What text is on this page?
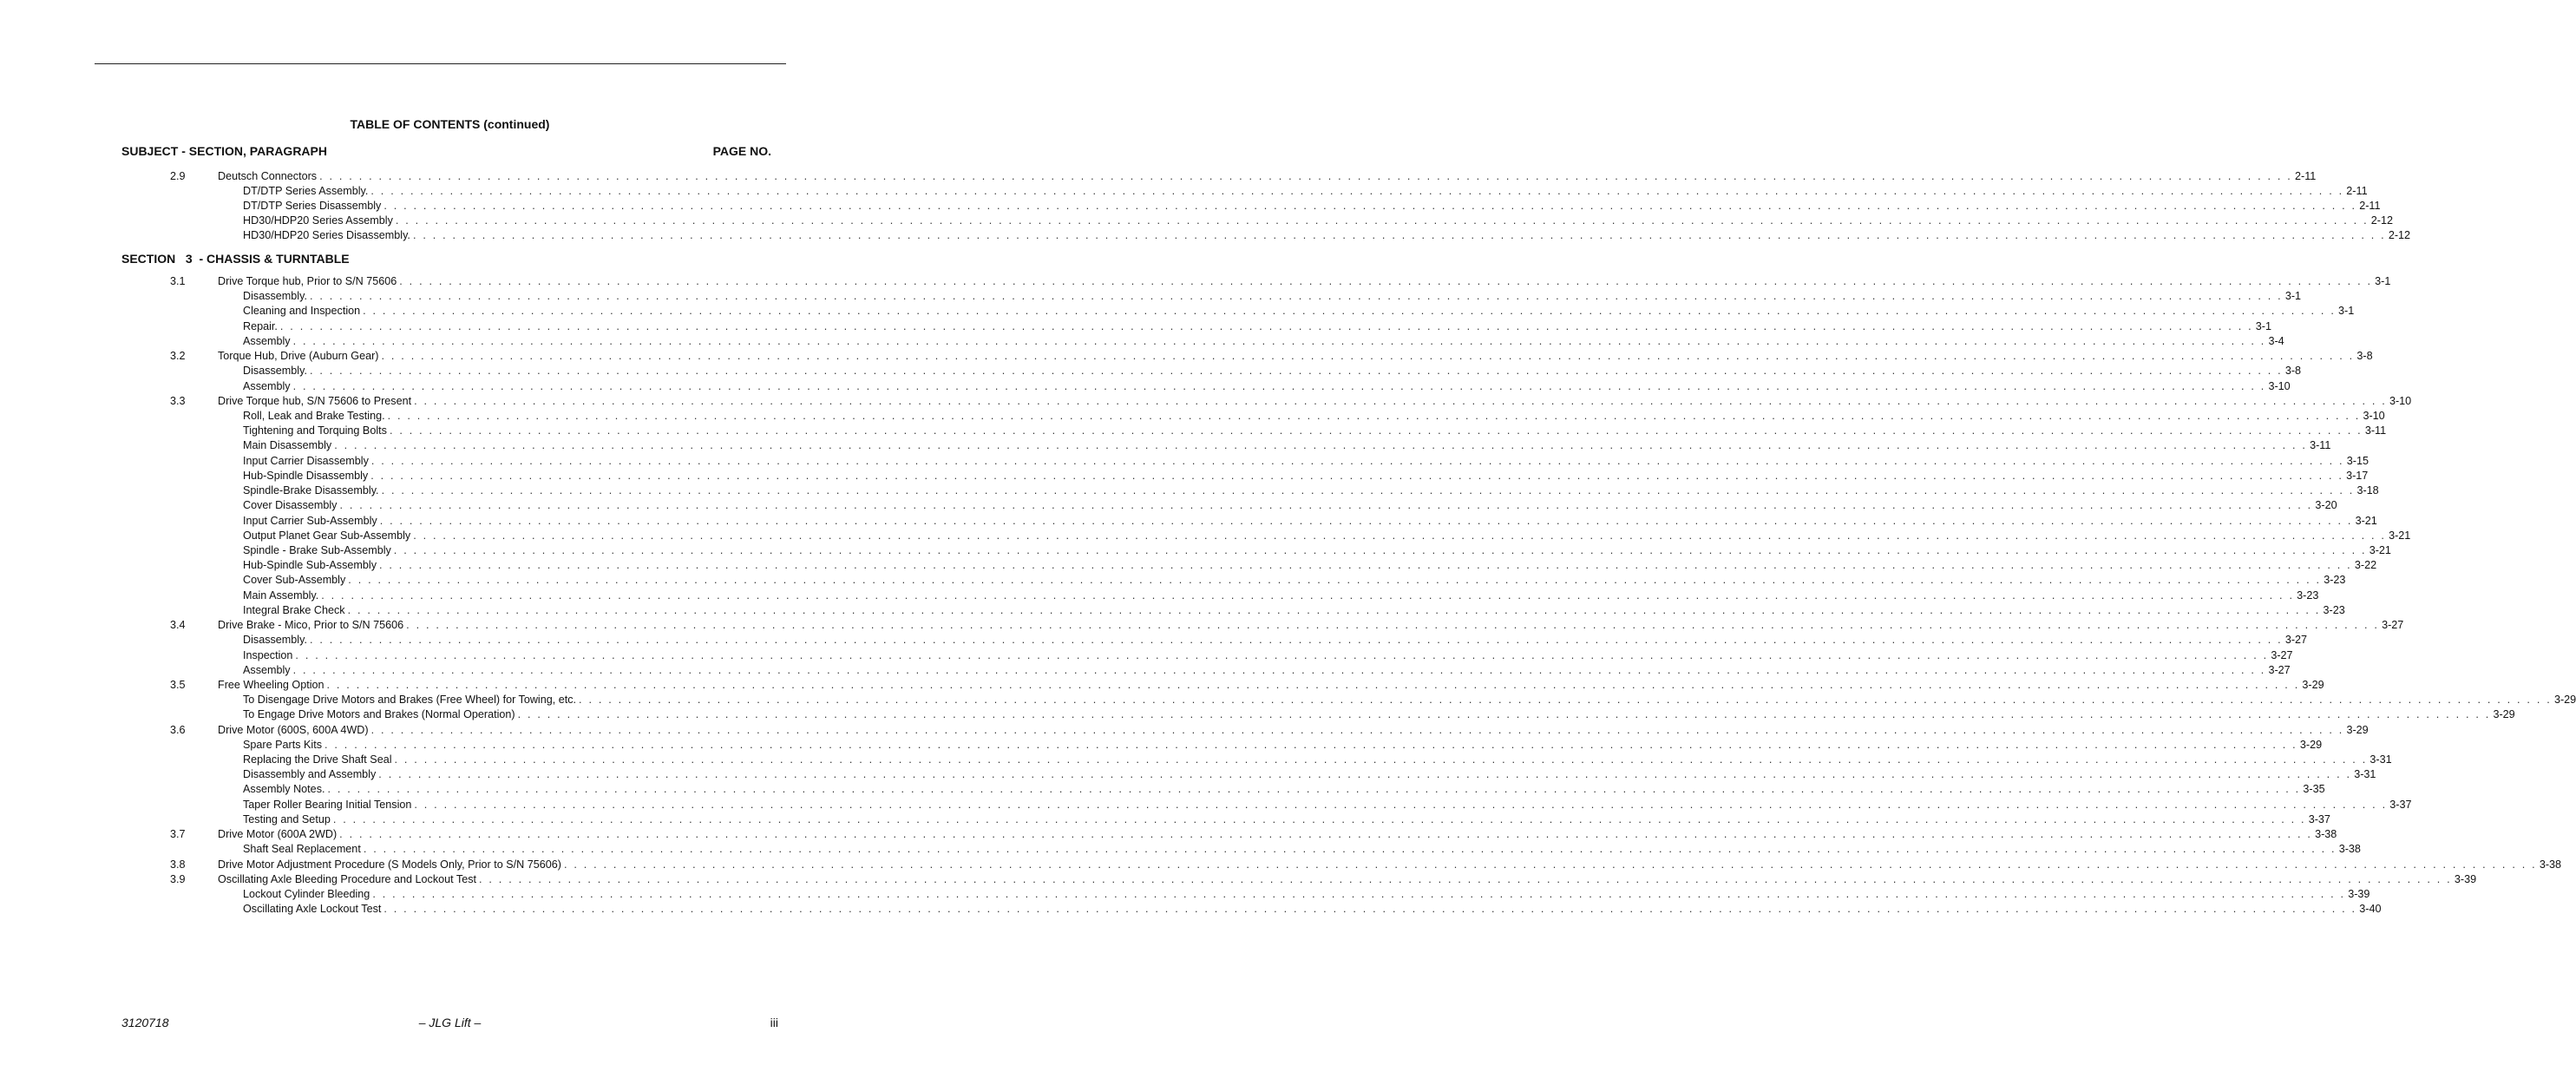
TABLE OF CONTENTS (continued)
SUBJECT - SECTION, PARAGRAPH	PAGE NO.
SECTION   3  - CHASSIS & TURNTABLE
2.9	Deutsch Connectors . . . . . . . . . . . . . . . . . . . . . . . . . . . . . . . . . . . . . . . . . . . . . . . . . . . . . . . . . . . . . . . . . . . . . . . . . . . . . . . . . . . . . . . . . . . . . . . . . . . . . . . . . . . . . . . . . . . . . . . . . . . . . . . . . . . . . . . . . . . . . . . . . . . . . . . . . . . . . . . . . . . . . . . . . . . . . . . . . . . . . . . . . . . . . . . . . . . . . . . . 2-11
DT/DTP Series Assembly. . . . . . . . . . . . . . . . . . . . . . . . . . . . . . . . . . . . . . . . . . . . . . . . . . . . . . . . . . . . . . . . . . . . . . . . . . . . . . . . . . . . . . . . . . . . . . . . . . . . . . . . . . . . . . . . . . . . . . . . . . . . . . . . . . . . . . . . . . . . . . . . . . . . . . . . . . . . . . . . . . . . . . . . . . . . . . . . . . . . . . . . . . . . . . . . . . . . . . . . . 2-11
DT/DTP Series Disassembly . . . . . . . . . . . . . . . . . . . . . . . . . . . . . . . . . . . . . . . . . . . . . . . . . . . . . . . . . . . . . . . . . . . . . . . . . . . . . . . . . . . . . . . . . . . . . . . . . . . . . . . . . . . . . . . . . . . . . . . . . . . . . . . . . . . . . . . . . . . . . . . . . . . . . . . . . . . . . . . . . . . . . . . . . . . . . . . . . . . . . . . . . . . . . . . . . . . . . . . . 2-11
HD30/HDP20 Series Assembly . . . . . . . . . . . . . . . . . . . . . . . . . . . . . . . . . . . . . . . . . . . . . . . . . . . . . . . . . . . . . . . . . . . . . . . . . . . . . . . . . . . . . . . . . . . . . . . . . . . . . . . . . . . . . . . . . . . . . . . . . . . . . . . . . . . . . . . . . . . . . . . . . . . . . . . . . . . . . . . . . . . . . . . . . . . . . . . . . . . . . . . . . . . . . . . . . . . . . . . . 2-12
HD30/HDP20 Series Disassembly. . . . . . . . . . . . . . . . . . . . . . . . . . . . . . . . . . . . . . . . . . . . . . . . . . . . . . . . . . . . . . . . . . . . . . . . . . . . . . . . . . . . . . . . . . . . . . . . . . . . . . . . . . . . . . . . . . . . . . . . . . . . . . . . . . . . . . . . . . . . . . . . . . . . . . . . . . . . . . . . . . . . . . . . . . . . . . . . . . . . . . . . . . . . . . . . . . . . . . . . . 2-12
3.1	Drive Torque hub, Prior to S/N 75606 . . . . . . . . . . . . . . . . . . . . . . . . . . . . . . . . . . . . . . . . . . . . . . . . . . . . . . . . . . . . . . . . . . . . . . . . . . . . . . . . . . . . . . . . . . . . . . . . . . . . . . . . . . . . . . . . . . . . . . . . . . . . . . . . . . . . . . . . . . . . . . . . . . . . . . . . . . . . . . . . . . . . . . . . . . . . . . . . . . . . . . . . . . . . . . . . . . . . . . . . 3-1
Disassembly. . . . . . . . . . . . . . . . . . . . . . . . . . . . . . . . . . . . . . . . . . . . . . . . . . . . . . . . . . . . . . . . . . . . . . . . . . . . . . . . . . . . . . . . . . . . . . . . . . . . . . . . . . . . . . . . . . . . . . . . . . . . . . . . . . . . . . . . . . . . . . . . . . . . . . . . . . . . . . . . . . . . . . . . . . . . . . . . . . . . . . . . . . . . . . . . . . . . . . . . . 3-1
Cleaning and Inspection . . . . . . . . . . . . . . . . . . . . . . . . . . . . . . . . . . . . . . . . . . . . . . . . . . . . . . . . . . . . . . . . . . . . . . . . . . . . . . . . . . . . . . . . . . . . . . . . . . . . . . . . . . . . . . . . . . . . . . . . . . . . . . . . . . . . . . . . . . . . . . . . . . . . . . . . . . . . . . . . . . . . . . . . . . . . . . . . . . . . . . . . . . . . . . . . . . . . . . . . 3-1
Repair. . . . . . . . . . . . . . . . . . . . . . . . . . . . . . . . . . . . . . . . . . . . . . . . . . . . . . . . . . . . . . . . . . . . . . . . . . . . . . . . . . . . . . . . . . . . . . . . . . . . . . . . . . . . . . . . . . . . . . . . . . . . . . . . . . . . . . . . . . . . . . . . . . . . . . . . . . . . . . . . . . . . . . . . . . . . . . . . . . . . . . . . . . . . . . . . . . . . . . . . . 3-1
Assembly . . . . . . . . . . . . . . . . . . . . . . . . . . . . . . . . . . . . . . . . . . . . . . . . . . . . . . . . . . . . . . . . . . . . . . . . . . . . . . . . . . . . . . . . . . . . . . . . . . . . . . . . . . . . . . . . . . . . . . . . . . . . . . . . . . . . . . . . . . . . . . . . . . . . . . . . . . . . . . . . . . . . . . . . . . . . . . . . . . . . . . . . . . . . . . . . . . . . . . . . 3-4
3.2	Torque Hub, Drive (Auburn Gear) . . . . . . . . . . . . . . . . . . . . . . . . . . . . . . . . . . . . . . . . . . . . . . . . . . . . . . . . . . . . . . . . . . . . . . . . . . . . . . . . . . . . . . . . . . . . . . . . . . . . . . . . . . . . . . . . . . . . . . . . . . . . . . . . . . . . . . . . . . . . . . . . . . . . . . . . . . . . . . . . . . . . . . . . . . . . . . . . . . . . . . . . . . . . . . . . . . . . . . . . 3-8
Disassembly. . . . . . . . . . . . . . . . . . . . . . . . . . . . . . . . . . . . . . . . . . . . . . . . . . . . . . . . . . . . . . . . . . . . . . . . . . . . . . . . . . . . . . . . . . . . . . . . . . . . . . . . . . . . . . . . . . . . . . . . . . . . . . . . . . . . . . . . . . . . . . . . . . . . . . . . . . . . . . . . . . . . . . . . . . . . . . . . . . . . . . . . . . . . . . . . . . . . . . . . . 3-8
Assembly . . . . . . . . . . . . . . . . . . . . . . . . . . . . . . . . . . . . . . . . . . . . . . . . . . . . . . . . . . . . . . . . . . . . . . . . . . . . . . . . . . . . . . . . . . . . . . . . . . . . . . . . . . . . . . . . . . . . . . . . . . . . . . . . . . . . . . . . . . . . . . . . . . . . . . . . . . . . . . . . . . . . . . . . . . . . . . . . . . . . . . . . . . . . . . . . . . . . . . . . 3-10
3.3	Drive Torque hub, S/N 75606 to Present . . . . . . . . . . . . . . . . . . . . . . . . . . . . . . . . . . . . . . . . . . . . . . . . . . . . . . . . . . . . . . . . . . . . . . . . . . . . . . . . . . . . . . . . . . . . . . . . . . . . . . . . . . . . . . . . . . . . . . . . . . . . . . . . . . . . . . . . . . . . . . . . . . . . . . . . . . . . . . . . . . . . . . . . . . . . . . . . . . . . . . . . . . . . . . . . . . . . . . . . 3-10
Roll, Leak and Brake Testing. . . . . . . . . . . . . . . . . . . . . . . . . . . . . . . . . . . . . . . . . . . . . . . . . . . . . . . . . . . . . . . . . . . . . . . . . . . . . . . . . . . . . . . . . . . . . . . . . . . . . . . . . . . . . . . . . . . . . . . . . . . . . . . . . . . . . . . . . . . . . . . . . . . . . . . . . . . . . . . . . . . . . . . . . . . . . . . . . . . . . . . . . . . . . . . . . . . . . . . . . 3-10
Tightening and Torquing Bolts . . . . . . . . . . . . . . . . . . . . . . . . . . . . . . . . . . . . . . . . . . . . . . . . . . . . . . . . . . . . . . . . . . . . . . . . . . . . . . . . . . . . . . . . . . . . . . . . . . . . . . . . . . . . . . . . . . . . . . . . . . . . . . . . . . . . . . . . . . . . . . . . . . . . . . . . . . . . . . . . . . . . . . . . . . . . . . . . . . . . . . . . . . . . . . . . . . . . . . . . 3-11
Main Disassembly . . . . . . . . . . . . . . . . . . . . . . . . . . . . . . . . . . . . . . . . . . . . . . . . . . . . . . . . . . . . . . . . . . . . . . . . . . . . . . . . . . . . . . . . . . . . . . . . . . . . . . . . . . . . . . . . . . . . . . . . . . . . . . . . . . . . . . . . . . . . . . . . . . . . . . . . . . . . . . . . . . . . . . . . . . . . . . . . . . . . . . . . . . . . . . . . . . . . . . . . 3-11
Input Carrier Disassembly . . . . . . . . . . . . . . . . . . . . . . . . . . . . . . . . . . . . . . . . . . . . . . . . . . . . . . . . . . . . . . . . . . . . . . . . . . . . . . . . . . . . . . . . . . . . . . . . . . . . . . . . . . . . . . . . . . . . . . . . . . . . . . . . . . . . . . . . . . . . . . . . . . . . . . . . . . . . . . . . . . . . . . . . . . . . . . . . . . . . . . . . . . . . . . . . . . . . . . . . 3-15
Hub-Spindle Disassembly . . . . . . . . . . . . . . . . . . . . . . . . . . . . . . . . . . . . . . . . . . . . . . . . . . . . . . . . . . . . . . . . . . . . . . . . . . . . . . . . . . . . . . . . . . . . . . . . . . . . . . . . . . . . . . . . . . . . . . . . . . . . . . . . . . . . . . . . . . . . . . . . . . . . . . . . . . . . . . . . . . . . . . . . . . . . . . . . . . . . . . . . . . . . . . . . . . . . . . . . 3-17
Spindle-Brake Disassembly. . . . . . . . . . . . . . . . . . . . . . . . . . . . . . . . . . . . . . . . . . . . . . . . . . . . . . . . . . . . . . . . . . . . . . . . . . . . . . . . . . . . . . . . . . . . . . . . . . . . . . . . . . . . . . . . . . . . . . . . . . . . . . . . . . . . . . . . . . . . . . . . . . . . . . . . . . . . . . . . . . . . . . . . . . . . . . . . . . . . . . . . . . . . . . . . . . . . . . . . . 3-18
Cover Disassembly . . . . . . . . . . . . . . . . . . . . . . . . . . . . . . . . . . . . . . . . . . . . . . . . . . . . . . . . . . . . . . . . . . . . . . . . . . . . . . . . . . . . . . . . . . . . . . . . . . . . . . . . . . . . . . . . . . . . . . . . . . . . . . . . . . . . . . . . . . . . . . . . . . . . . . . . . . . . . . . . . . . . . . . . . . . . . . . . . . . . . . . . . . . . . . . . . . . . . . . . 3-20
Input Carrier Sub-Assembly . . . . . . . . . . . . . . . . . . . . . . . . . . . . . . . . . . . . . . . . . . . . . . . . . . . . . . . . . . . . . . . . . . . . . . . . . . . . . . . . . . . . . . . . . . . . . . . . . . . . . . . . . . . . . . . . . . . . . . . . . . . . . . . . . . . . . . . . . . . . . . . . . . . . . . . . . . . . . . . . . . . . . . . . . . . . . . . . . . . . . . . . . . . . . . . . . . . . . . . . 3-21
Output Planet Gear Sub-Assembly . . . . . . . . . . . . . . . . . . . . . . . . . . . . . . . . . . . . . . . . . . . . . . . . . . . . . . . . . . . . . . . . . . . . . . . . . . . . . . . . . . . . . . . . . . . . . . . . . . . . . . . . . . . . . . . . . . . . . . . . . . . . . . . . . . . . . . . . . . . . . . . . . . . . . . . . . . . . . . . . . . . . . . . . . . . . . . . . . . . . . . . . . . . . . . . . . . . . . . . . 3-21
Spindle - Brake Sub-Assembly . . . . . . . . . . . . . . . . . . . . . . . . . . . . . . . . . . . . . . . . . . . . . . . . . . . . . . . . . . . . . . . . . . . . . . . . . . . . . . . . . . . . . . . . . . . . . . . . . . . . . . . . . . . . . . . . . . . . . . . . . . . . . . . . . . . . . . . . . . . . . . . . . . . . . . . . . . . . . . . . . . . . . . . . . . . . . . . . . . . . . . . . . . . . . . . . . . . . . . . . 3-21
Hub-Spindle Sub-Assembly . . . . . . . . . . . . . . . . . . . . . . . . . . . . . . . . . . . . . . . . . . . . . . . . . . . . . . . . . . . . . . . . . . . . . . . . . . . . . . . . . . . . . . . . . . . . . . . . . . . . . . . . . . . . . . . . . . . . . . . . . . . . . . . . . . . . . . . . . . . . . . . . . . . . . . . . . . . . . . . . . . . . . . . . . . . . . . . . . . . . . . . . . . . . . . . . . . . . . . . . 3-22
Cover Sub-Assembly . . . . . . . . . . . . . . . . . . . . . . . . . . . . . . . . . . . . . . . . . . . . . . . . . . . . . . . . . . . . . . . . . . . . . . . . . . . . . . . . . . . . . . . . . . . . . . . . . . . . . . . . . . . . . . . . . . . . . . . . . . . . . . . . . . . . . . . . . . . . . . . . . . . . . . . . . . . . . . . . . . . . . . . . . . . . . . . . . . . . . . . . . . . . . . . . . . . . . . . . 3-23
Main Assembly. . . . . . . . . . . . . . . . . . . . . . . . . . . . . . . . . . . . . . . . . . . . . . . . . . . . . . . . . . . . . . . . . . . . . . . . . . . . . . . . . . . . . . . . . . . . . . . . . . . . . . . . . . . . . . . . . . . . . . . . . . . . . . . . . . . . . . . . . . . . . . . . . . . . . . . . . . . . . . . . . . . . . . . . . . . . . . . . . . . . . . . . . . . . . . . . . . . . . . . . . 3-23
Integral Brake Check . . . . . . . . . . . . . . . . . . . . . . . . . . . . . . . . . . . . . . . . . . . . . . . . . . . . . . . . . . . . . . . . . . . . . . . . . . . . . . . . . . . . . . . . . . . . . . . . . . . . . . . . . . . . . . . . . . . . . . . . . . . . . . . . . . . . . . . . . . . . . . . . . . . . . . . . . . . . . . . . . . . . . . . . . . . . . . . . . . . . . . . . . . . . . . . . . . . . . . . . 3-23
3.4	Drive Brake - Mico, Prior to S/N 75606 . . . . . . . . . . . . . . . . . . . . . . . . . . . . . . . . . . . . . . . . . . . . . . . . . . . . . . . . . . . . . . . . . . . . . . . . . . . . . . . . . . . . . . . . . . . . . . . . . . . . . . . . . . . . . . . . . . . . . . . . . . . . . . . . . . . . . . . . . . . . . . . . . . . . . . . . . . . . . . . . . . . . . . . . . . . . . . . . . . . . . . . . . . . . . . . . . . . . . . . . 3-27
Disassembly. . . . . . . . . . . . . . . . . . . . . . . . . . . . . . . . . . . . . . . . . . . . . . . . . . . . . . . . . . . . . . . . . . . . . . . . . . . . . . . . . . . . . . . . . . . . . . . . . . . . . . . . . . . . . . . . . . . . . . . . . . . . . . . . . . . . . . . . . . . . . . . . . . . . . . . . . . . . . . . . . . . . . . . . . . . . . . . . . . . . . . . . . . . . . . . . . . . . . . . . . 3-27
Inspection . . . . . . . . . . . . . . . . . . . . . . . . . . . . . . . . . . . . . . . . . . . . . . . . . . . . . . . . . . . . . . . . . . . . . . . . . . . . . . . . . . . . . . . . . . . . . . . . . . . . . . . . . . . . . . . . . . . . . . . . . . . . . . . . . . . . . . . . . . . . . . . . . . . . . . . . . . . . . . . . . . . . . . . . . . . . . . . . . . . . . . . . . . . . . . . . . . . . . . . . 3-27
Assembly . . . . . . . . . . . . . . . . . . . . . . . . . . . . . . . . . . . . . . . . . . . . . . . . . . . . . . . . . . . . . . . . . . . . . . . . . . . . . . . . . . . . . . . . . . . . . . . . . . . . . . . . . . . . . . . . . . . . . . . . . . . . . . . . . . . . . . . . . . . . . . . . . . . . . . . . . . . . . . . . . . . . . . . . . . . . . . . . . . . . . . . . . . . . . . . . . . . . . . . . 3-27
3.5	Free Wheeling Option . . . . . . . . . . . . . . . . . . . . . . . . . . . . . . . . . . . . . . . . . . . . . . . . . . . . . . . . . . . . . . . . . . . . . . . . . . . . . . . . . . . . . . . . . . . . . . . . . . . . . . . . . . . . . . . . . . . . . . . . . . . . . . . . . . . . . . . . . . . . . . . . . . . . . . . . . . . . . . . . . . . . . . . . . . . . . . . . . . . . . . . . . . . . . . . . . . . . . . . . 3-29
To Disengage Drive Motors and Brakes (Free Wheel) for Towing, etc. . . . . . . . . . . . . . . . . . . . . . . . . . . . . . . . . . . . . . . . . . . . . . . . . . . . . . . . . . . . . . . . . . . . . . . . . . . . . . . . . . . . . . . . . . . . . . . . . . . . . . . . . . . . . . . . . . . . . . . . . . . . . . . . . . . . . . . . . . . . . . . . . . . . . . . . . . . . . . . . . . . . . . . . . . . . . . . . . . . . . . . . . . . . . . . . . . . . . . . . . 3-29
To Engage Drive Motors and Brakes (Normal Operation) . . . . . . . . . . . . . . . . . . . . . . . . . . . . . . . . . . . . . . . . . . . . . . . . . . . . . . . . . . . . . . . . . . . . . . . . . . . . . . . . . . . . . . . . . . . . . . . . . . . . . . . . . . . . . . . . . . . . . . . . . . . . . . . . . . . . . . . . . . . . . . . . . . . . . . . . . . . . . . . . . . . . . . . . . . . . . . . . . . . . . . . . . . . . . . . . . . . . . . . . 3-29
3.6	Drive Motor (600S, 600A 4WD) . . . . . . . . . . . . . . . . . . . . . . . . . . . . . . . . . . . . . . . . . . . . . . . . . . . . . . . . . . . . . . . . . . . . . . . . . . . . . . . . . . . . . . . . . . . . . . . . . . . . . . . . . . . . . . . . . . . . . . . . . . . . . . . . . . . . . . . . . . . . . . . . . . . . . . . . . . . . . . . . . . . . . . . . . . . . . . . . . . . . . . . . . . . . . . . . . . . . . . . . 3-29
Spare Parts Kits . . . . . . . . . . . . . . . . . . . . . . . . . . . . . . . . . . . . . . . . . . . . . . . . . . . . . . . . . . . . . . . . . . . . . . . . . . . . . . . . . . . . . . . . . . . . . . . . . . . . . . . . . . . . . . . . . . . . . . . . . . . . . . . . . . . . . . . . . . . . . . . . . . . . . . . . . . . . . . . . . . . . . . . . . . . . . . . . . . . . . . . . . . . . . . . . . . . . . . . . 3-29
Replacing the Drive Shaft Seal . . . . . . . . . . . . . . . . . . . . . . . . . . . . . . . . . . . . . . . . . . . . . . . . . . . . . . . . . . . . . . . . . . . . . . . . . . . . . . . . . . . . . . . . . . . . . . . . . . . . . . . . . . . . . . . . . . . . . . . . . . . . . . . . . . . . . . . . . . . . . . . . . . . . . . . . . . . . . . . . . . . . . . . . . . . . . . . . . . . . . . . . . . . . . . . . . . . . . . . . 3-31
Disassembly and Assembly . . . . . . . . . . . . . . . . . . . . . . . . . . . . . . . . . . . . . . . . . . . . . . . . . . . . . . . . . . . . . . . . . . . . . . . . . . . . . . . . . . . . . . . . . . . . . . . . . . . . . . . . . . . . . . . . . . . . . . . . . . . . . . . . . . . . . . . . . . . . . . . . . . . . . . . . . . . . . . . . . . . . . . . . . . . . . . . . . . . . . . . . . . . . . . . . . . . . . . . . 3-31
Assembly Notes. . . . . . . . . . . . . . . . . . . . . . . . . . . . . . . . . . . . . . . . . . . . . . . . . . . . . . . . . . . . . . . . . . . . . . . . . . . . . . . . . . . . . . . . . . . . . . . . . . . . . . . . . . . . . . . . . . . . . . . . . . . . . . . . . . . . . . . . . . . . . . . . . . . . . . . . . . . . . . . . . . . . . . . . . . . . . . . . . . . . . . . . . . . . . . . . . . . . . . . . . 3-35
Taper Roller Bearing Initial Tension . . . . . . . . . . . . . . . . . . . . . . . . . . . . . . . . . . . . . . . . . . . . . . . . . . . . . . . . . . . . . . . . . . . . . . . . . . . . . . . . . . . . . . . . . . . . . . . . . . . . . . . . . . . . . . . . . . . . . . . . . . . . . . . . . . . . . . . . . . . . . . . . . . . . . . . . . . . . . . . . . . . . . . . . . . . . . . . . . . . . . . . . . . . . . . . . . . . . . . . . 3-37
Testing and Setup . . . . . . . . . . . . . . . . . . . . . . . . . . . . . . . . . . . . . . . . . . . . . . . . . . . . . . . . . . . . . . . . . . . . . . . . . . . . . . . . . . . . . . . . . . . . . . . . . . . . . . . . . . . . . . . . . . . . . . . . . . . . . . . . . . . . . . . . . . . . . . . . . . . . . . . . . . . . . . . . . . . . . . . . . . . . . . . . . . . . . . . . . . . . . . . . . . . . . . . . 3-37
3.7	Drive Motor (600A 2WD) . . . . . . . . . . . . . . . . . . . . . . . . . . . . . . . . . . . . . . . . . . . . . . . . . . . . . . . . . . . . . . . . . . . . . . . . . . . . . . . . . . . . . . . . . . . . . . . . . . . . . . . . . . . . . . . . . . . . . . . . . . . . . . . . . . . . . . . . . . . . . . . . . . . . . . . . . . . . . . . . . . . . . . . . . . . . . . . . . . . . . . . . . . . . . . . . . . . . . . . . 3-38
Shaft Seal Replacement . . . . . . . . . . . . . . . . . . . . . . . . . . . . . . . . . . . . . . . . . . . . . . . . . . . . . . . . . . . . . . . . . . . . . . . . . . . . . . . . . . . . . . . . . . . . . . . . . . . . . . . . . . . . . . . . . . . . . . . . . . . . . . . . . . . . . . . . . . . . . . . . . . . . . . . . . . . . . . . . . . . . . . . . . . . . . . . . . . . . . . . . . . . . . . . . . . . . . . . . 3-38
3.8	Drive Motor Adjustment Procedure (S Models Only, Prior to S/N 75606) . . . . . . . . . . . . . . . . . . . . . . . . . . . . . . . . . . . . . . . . . . . . . . . . . . . . . . . . . . . . . . . . . . . . . . . . . . . . . . . . . . . . . . . . . . . . . . . . . . . . . . . . . . . . . . . . . . . . . . . . . . . . . . . . . . . . . . . . . . . . . . . . . . . . . . . . . . . . . . . . . . . . . . . . . . . . . . . . . . . . . . . . . . . . . . . . . . . . . . . . 3-38
3.9	Oscillating Axle Bleeding Procedure and Lockout Test . . . . . . . . . . . . . . . . . . . . . . . . . . . . . . . . . . . . . . . . . . . . . . . . . . . . . . . . . . . . . . . . . . . . . . . . . . . . . . . . . . . . . . . . . . . . . . . . . . . . . . . . . . . . . . . . . . . . . . . . . . . . . . . . . . . . . . . . . . . . . . . . . . . . . . . . . . . . . . . . . . . . . . . . . . . . . . . . . . . . . . . . . . . . . . . . . . . . . . . . 3-39
Lockout Cylinder Bleeding . . . . . . . . . . . . . . . . . . . . . . . . . . . . . . . . . . . . . . . . . . . . . . . . . . . . . . . . . . . . . . . . . . . . . . . . . . . . . . . . . . . . . . . . . . . . . . . . . . . . . . . . . . . . . . . . . . . . . . . . . . . . . . . . . . . . . . . . . . . . . . . . . . . . . . . . . . . . . . . . . . . . . . . . . . . . . . . . . . . . . . . . . . . . . . . . . . . . . . . . 3-39
Oscillating Axle Lockout Test . . . . . . . . . . . . . . . . . . . . . . . . . . . . . . . . . . . . . . . . . . . . . . . . . . . . . . . . . . . . . . . . . . . . . . . . . . . . . . . . . . . . . . . . . . . . . . . . . . . . . . . . . . . . . . . . . . . . . . . . . . . . . . . . . . . . . . . . . . . . . . . . . . . . . . . . . . . . . . . . . . . . . . . . . . . . . . . . . . . . . . . . . . . . . . . . . . . . . . . . 3-40
3120718	– JLG Lift –	iii
